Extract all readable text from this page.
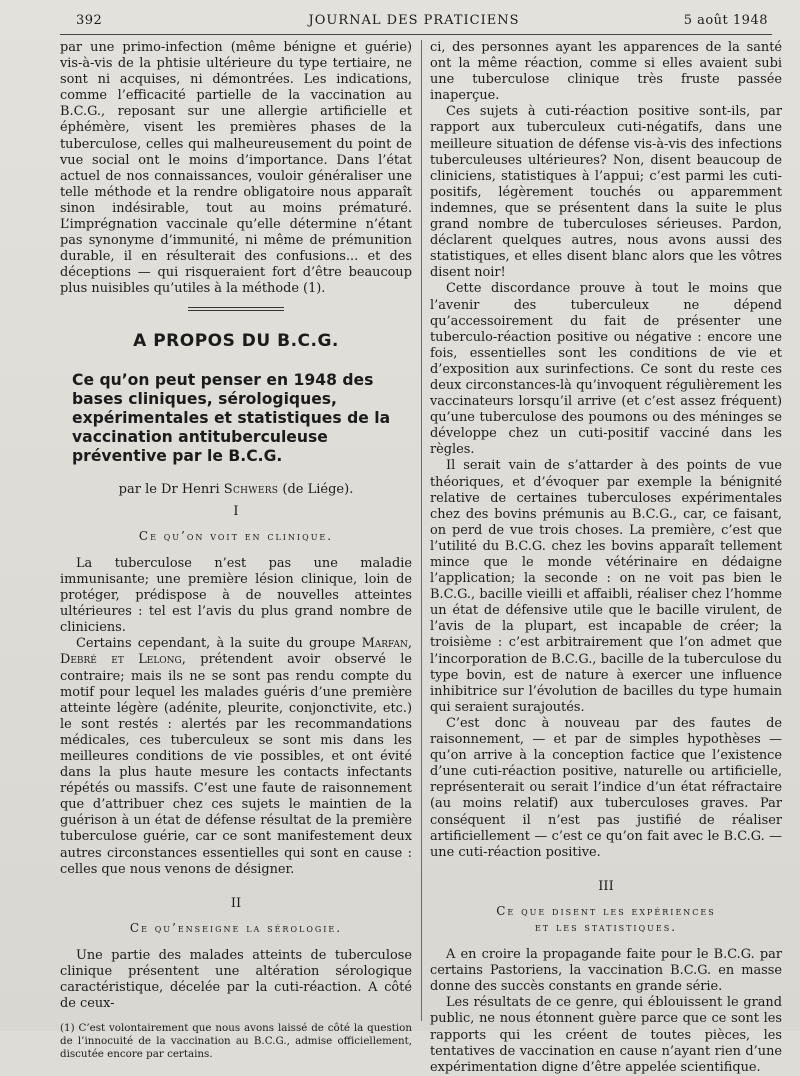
392	JOURNAL DES PRATICIENS	5 août 1948

par une primo-infection (même bénigne et guérie) vis-à-vis de la phtisie ultérieure du type tertiaire, ne sont ni acquises, ni démontrées. Les indications, comme l’efficacité partielle de la vaccination au B.C.G., reposant sur une allergie artificielle et éphémère, visent les premières phases de la tuberculose, celles qui malheureusement du point de vue social ont le moins d’importance. Dans l’état actuel de nos connaissances, vouloir généraliser une telle méthode et la rendre obligatoire nous apparaît sinon indésirable, tout au moins prématuré. L’imprégnation vaccinale qu’elle détermine n’étant pas synonyme d’immunité, ni même de prémunition durable, il en résulterait des confusions... et des déceptions — qui risqueraient fort d’être beaucoup plus nuisibles qu’utiles à la méthode (1).

A PROPOS DU B.C.G.
Ce qu’on peut penser en 1948 des bases cliniques, sérologiques, expérimentales et statistiques de la vaccination antituberculeuse préventive par le B.C.G.
par le Dr Henri Schwers (de Liége).
I
Ce qu’on voit en clinique.

La tuberculose n’est pas une maladie immunisante; une première lésion clinique, loin de protéger, prédispose à de nouvelles atteintes ultérieures : tel est l’avis du plus grand nombre de cliniciens.

Certains cependant, à la suite du groupe Marfan, Debré et Lelong, prétendent avoir observé le contraire; mais ils ne se sont pas rendu compte du motif pour lequel les malades guéris d’une première atteinte légère (adénite, pleurite, conjonctivite, etc.) le sont restés : alertés par les recommandations médicales, ces tuberculeux se sont mis dans les meilleures conditions de vie possibles, et ont évité dans la plus haute mesure les contacts infectants répétés ou massifs. C’est une faute de raisonnement que d’attribuer chez ces sujets le maintien de la guérison à un état de défense résultat de la première tuberculose guérie, car ce sont manifestement deux autres circonstances essentielles qui sont en cause : celles que nous venons de désigner.

II
Ce qu’enseigne la sérologie.

Une partie des malades atteints de tuberculose clinique présentent une altération sérologique caractéristique, décelée par la cuti-réaction. A côté de ceux-

(1) C’est volontairement que nous avons laissé de côté la question de l’innocuité de la vaccination au B.C.G., admise officiellement, discutée encore par certains.

ci, des personnes ayant les apparences de la santé ont la même réaction, comme si elles avaient subi une tuberculose clinique très fruste passée inaperçue.

Ces sujets à cuti-réaction positive sont-ils, par rapport aux tuberculeux cuti-négatifs, dans une meilleure situation de défense vis-à-vis des infections tuberculeuses ultérieures? Non, disent beaucoup de cliniciens, statistiques à l’appui; c’est parmi les cuti-positifs, légèrement touchés ou apparemment indemnes, que se présentent dans la suite le plus grand nombre de tuberculoses sérieuses. Pardon, déclarent quelques autres, nous avons aussi des statistiques, et elles disent blanc alors que les vôtres disent noir!

Cette discordance prouve à tout le moins que l’avenir des tuberculeux ne dépend qu’accessoirement du fait de présenter une tuberculo-réaction positive ou négative : encore une fois, essentielles sont les conditions de vie et d’exposition aux surinfections. Ce sont du reste ces deux circonstances-là qu’invoquent régulièrement les vaccinateurs lorsqu’il arrive (et c’est assez fréquent) qu’une tuberculose des poumons ou des méninges se développe chez un cuti-positif vacciné dans les règles.

Il serait vain de s’attarder à des points de vue théoriques, et d’évoquer par exemple la bénignité relative de certaines tuberculoses expérimentales chez des bovins prémunis au B.C.G., car, ce faisant, on perd de vue trois choses. La première, c’est que l’utilité du B.C.G. chez les bovins apparaît tellement mince que le monde vétérinaire en dédaigne l’application; la seconde : on ne voit pas bien le B.C.G., bacille vieilli et affaibli, réaliser chez l’homme un état de défensive utile que le bacille virulent, de l’avis de la plupart, est incapable de créer; la troisième : c’est arbitrairement que l’on admet que l’incorporation de B.C.G., bacille de la tuberculose du type bovin, est de nature à exercer une influence inhibitrice sur l’évolution de bacilles du type humain qui seraient surajoutés.

C’est donc à nouveau par des fautes de raisonnement, — et par de simples hypothèses — qu’on arrive à la conception factice que l’existence d’une cuti-réaction positive, naturelle ou artificielle, représenterait ou serait l’indice d’un état réfractaire (au moins relatif) aux tuberculoses graves. Par conséquent il n’est pas justifié de réaliser artificiellement — c’est ce qu’on fait avec le B.C.G. — une cuti-réaction positive.

III
Ce que disent les expériences
et les statistiques.

A en croire la propagande faite pour le B.C.G. par certains Pastoriens, la vaccination B.C.G. en masse donne des succès constants en grande série.

Les résultats de ce genre, qui éblouissent le grand public, ne nous étonnent guère parce que ce sont les rapports qui les créent de toutes pièces, les tentatives de vaccination en cause n’ayant rien d’une expérimentation digne d’être appelée scientifique.
